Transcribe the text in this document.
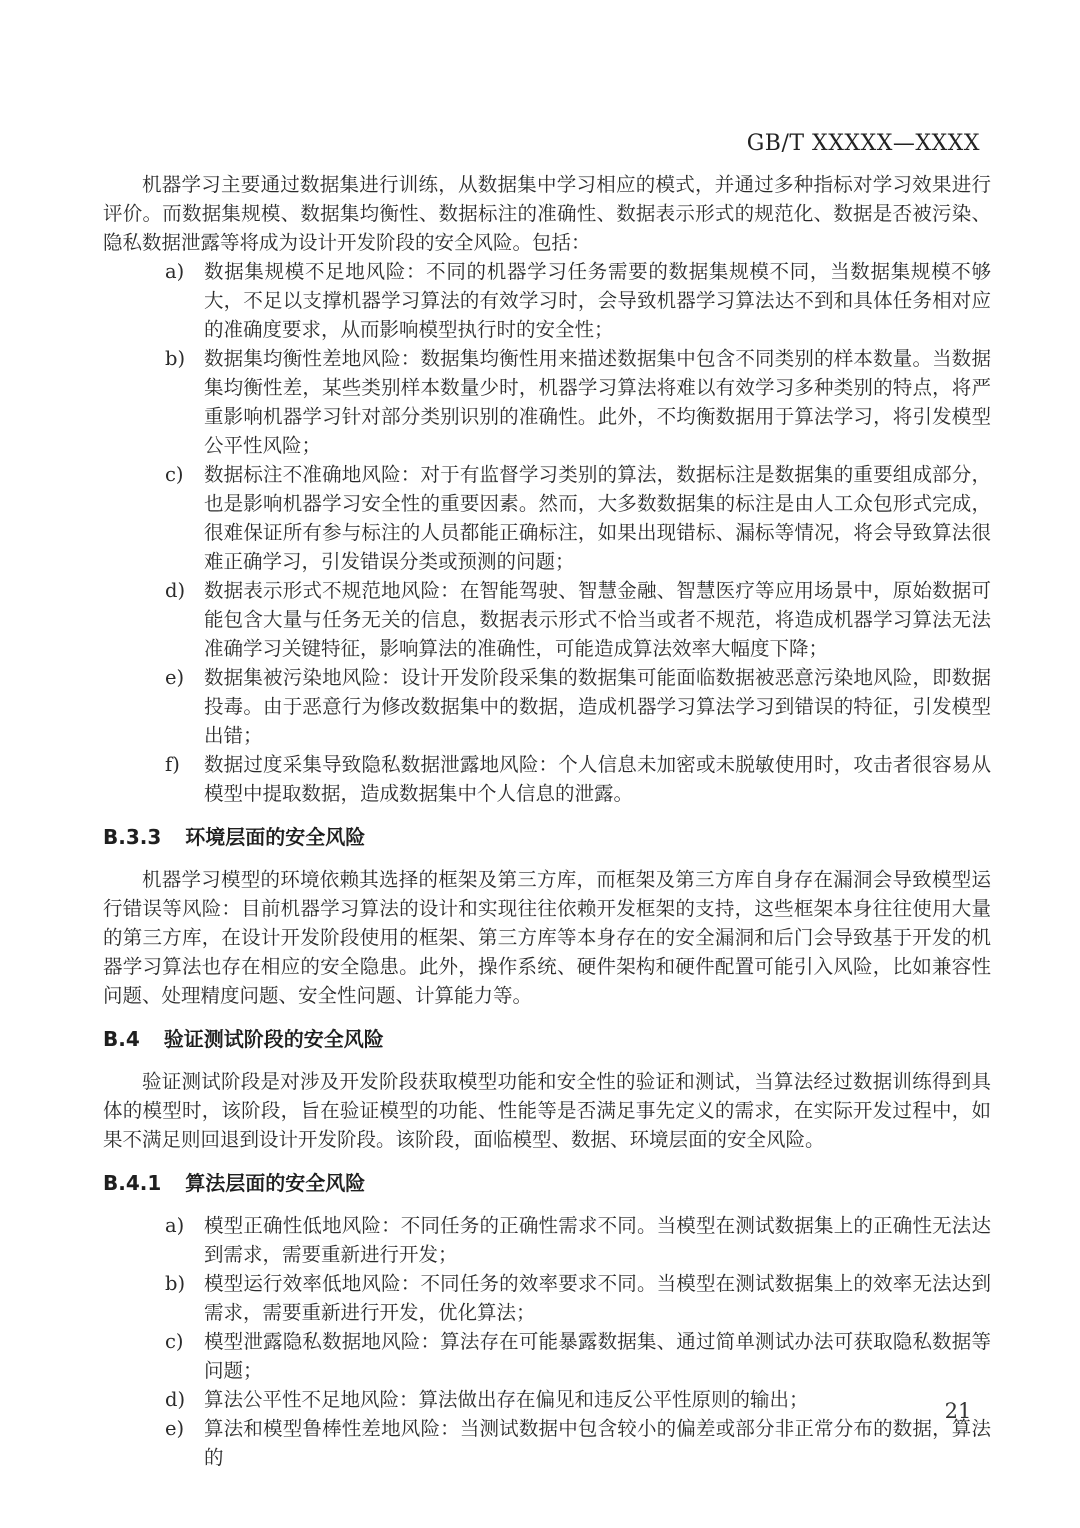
GB/T XXXXX—XXXX

机器学习主要通过数据集进行训练，从数据集中学习相应的模式，并通过多种指标对学习效果进行评价。而数据集规模、数据集均衡性、数据标注的准确性、数据表示形式的规范化、数据是否被污染、隐私数据泄露等将成为设计开发阶段的安全风险。包括：

a)	数据集规模不足地风险：不同的机器学习任务需要的数据集规模不同，当数据集规模不够大，不足以支撑机器学习算法的有效学习时，会导致机器学习算法达不到和具体任务相对应的准确度要求，从而影响模型执行时的安全性；
b) 数据集均衡性差地风险：数据集均衡性用来描述数据集中包含不同类别的样本数量。当数据集均衡性差，某些类别样本数量少时，机器学习算法将难以有效学习多种类别的特点，将严重影响机器学习针对部分类别识别的准确性。此外，不均衡数据用于算法学习，将引发模型公平性风险；
c)	数据标注不准确地风险：对于有监督学习类别的算法，数据标注是数据集的重要组成部分，也是影响机器学习安全性的重要因素。然而，大多数数据集的标注是由人工众包形式完成，很难保证所有参与标注的人员都能正确标注，如果出现错标、漏标等情况，将会导致算法很难正确学习，引发错误分类或预测的问题；
d) 数据表示形式不规范地风险：在智能驾驶、智慧金融、智慧医疗等应用场景中，原始数据可能包含大量与任务无关的信息，数据表示形式不恰当或者不规范，将造成机器学习算法无法准确学习关键特征，影响算法的准确性，可能造成算法效率大幅度下降；
e)	数据集被污染地风险：设计开发阶段采集的数据集可能面临数据被恶意污染地风险，即数据投毒。由于恶意行为修改数据集中的数据，造成机器学习算法学习到错误的特征，引发模型出错；
f)	数据过度采集导致隐私数据泄露地风险：个人信息未加密或未脱敏使用时，攻击者很容易从模型中提取数据，造成数据集中个人信息的泄露。
B.3.3 环境层面的安全风险

机器学习模型的环境依赖其选择的框架及第三方库，而框架及第三方库自身存在漏洞会导致模型运行错误等风险：目前机器学习算法的设计和实现往往依赖开发框架的支持，这些框架本身往往使用大量的第三方库，在设计开发阶段使用的框架、第三方库等本身存在的安全漏洞和后门会导致基于开发的机器学习算法也存在相应的安全隐患。此外，操作系统、硬件架构和硬件配置可能引入风险，比如兼容性问题、处理精度问题、安全性问题、计算能力等。

B.4 验证测试阶段的安全风险

验证测试阶段是对涉及开发阶段获取模型功能和安全性的验证和测试，当算法经过数据训练得到具体的模型时，该阶段，旨在验证模型的功能、性能等是否满足事先定义的需求，在实际开发过程中，如果不满足则回退到设计开发阶段。该阶段，面临模型、数据、环境层面的安全风险。

B.4.1 算法层面的安全风险
a)	模型正确性低地风险：不同任务的正确性需求不同。当模型在测试数据集上的正确性无法达到需求，需要重新进行开发；
b) 模型运行效率低地风险：不同任务的效率要求不同。当模型在测试数据集上的效率无法达到需求，需要重新进行开发，优化算法；
c)	模型泄露隐私数据地风险：算法存在可能暴露数据集、通过简单测试办法可获取隐私数据等问题；
d) 算法公平性不足地风险：算法做出存在偏见和违反公平性原则的输出；
e)	算法和模型鲁棒性差地风险：当测试数据中包含较小的偏差或部分非正常分布的数据，算法的
21
